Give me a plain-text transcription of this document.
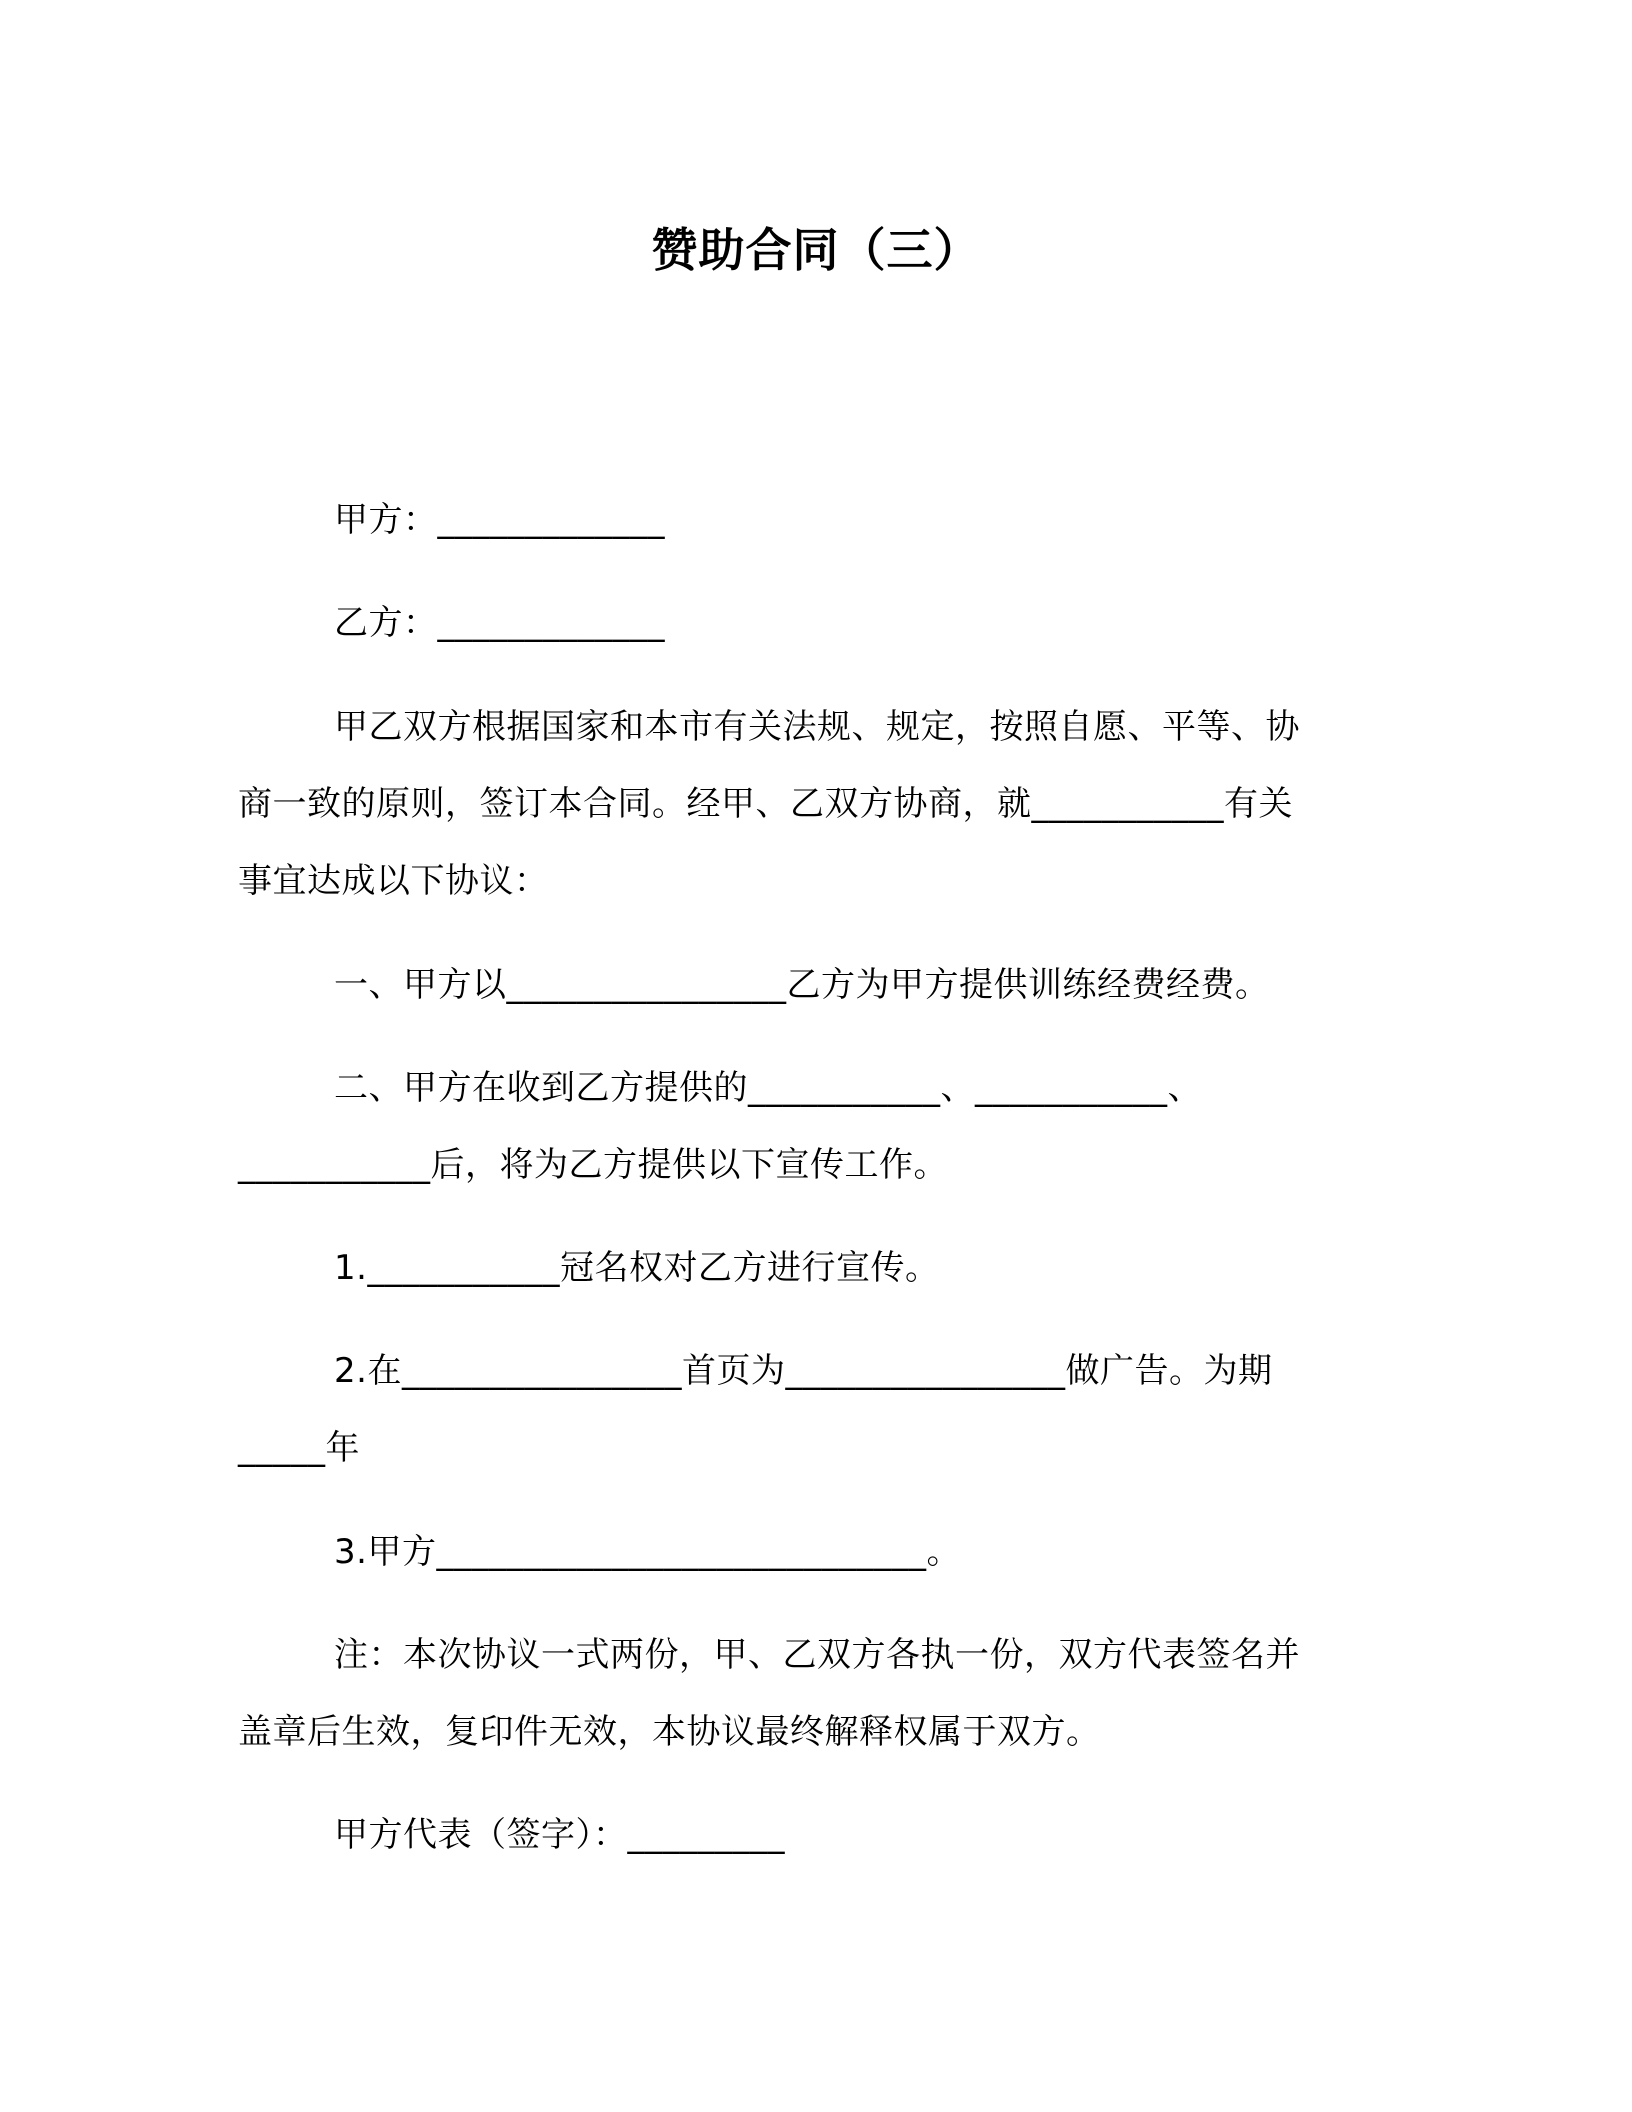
赞助合同（三）
甲方：_____________
乙方：_____________
甲乙双方根据国家和本市有关法规、规定，按照自愿、平等、协
商一致的原则，签订本合同。经甲、乙双方协商，就___________有关
事宜达成以下协议：
一、甲方以________________乙方为甲方提供训练经费经费。
二、甲方在收到乙方提供的___________、___________、
___________后，将为乙方提供以下宣传工作。
1.___________冠名权对乙方进行宣传。
2.在________________首页为________________做广告。为期
_____年
3.甲方____________________________。
注：本次协议一式两份，甲、乙双方各执一份，双方代表签名并
盖章后生效，复印件无效，本协议最终解释权属于双方。
甲方代表（签字）：_________
